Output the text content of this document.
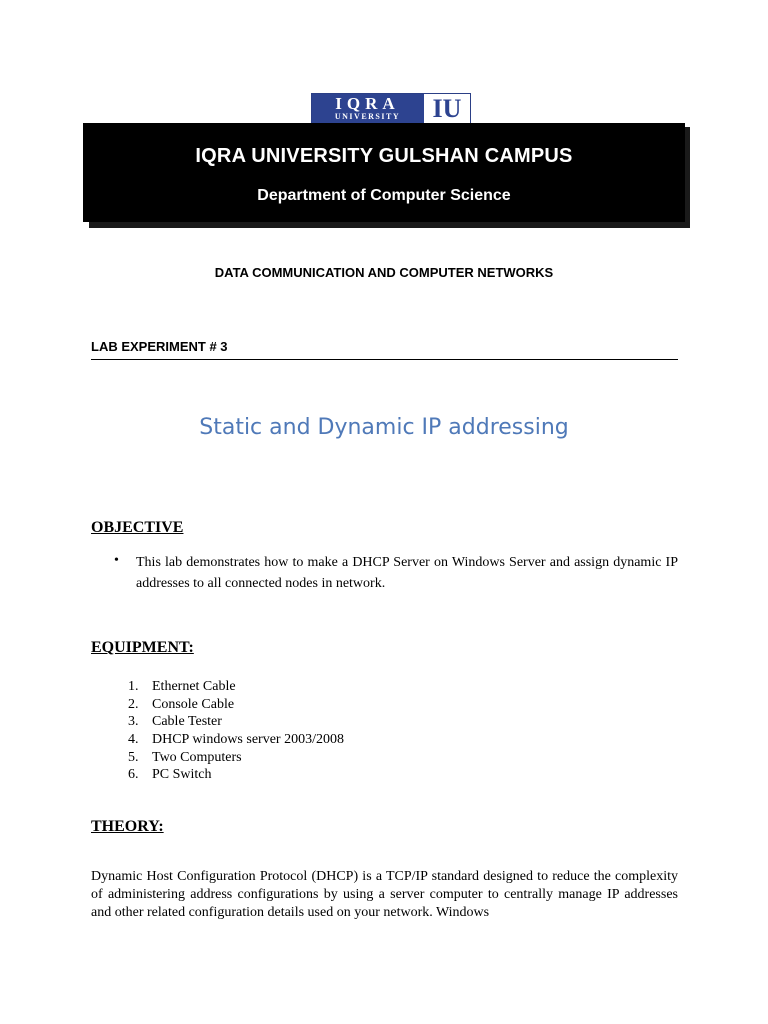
IQRA
UNIVERSITY	IU
IQRA UNIVERSITY GULSHAN CAMPUS
Department of Computer Science
DATA COMMUNICATION AND COMPUTER NETWORKS
LAB EXPERIMENT # 3
Static and Dynamic IP addressing
OBJECTIVE
• This lab demonstrates how to make a DHCP Server on Windows Server and assign dynamic IP addresses to all connected nodes in network.
EQUIPMENT:
1. Ethernet Cable
2. Console Cable
3. Cable Tester
4. DHCP windows server 2003/2008
5. Two Computers
6. PC Switch
THEORY:
Dynamic Host Configuration Protocol (DHCP) is a TCP/IP standard designed to reduce the complexity of administering address configurations by using a server computer to centrally manage IP addresses and other related configuration details used on your network. Windows
